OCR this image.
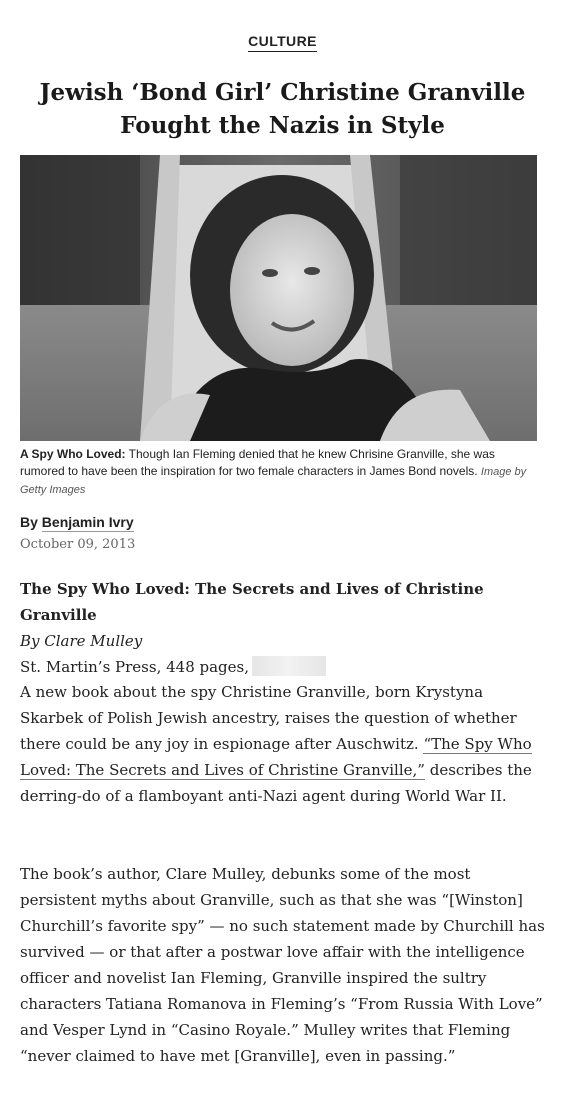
CULTURE
Jewish ‘Bond Girl’ Christine Granville Fought the Nazis in Style
A Spy Who Loved: Though Ian Fleming denied that he knew Chrisine Granville, she was rumored to have been the inspiration for two female characters in James Bond novels. Image by Getty Images
By Benjamin Ivry
October 09, 2013
The Spy Who Loved: The Secrets and Lives of Christine Granville
By Clare Mulley
St. Martin’s Press, 448 pages,

A new book about the spy Christine Granville, born Krystyna Skarbek of Polish Jewish ancestry, raises the question of whether there could be any joy in espionage after Auschwitz. “The Spy Who Loved: The Secrets and Lives of Christine Granville,” describes the derring-do of a flamboyant anti-Nazi agent during World War II.

The book’s author, Clare Mulley, debunks some of the most persistent myths about Granville, such as that she was “[Winston] Churchill’s favorite spy” — no such statement made by Churchill has survived — or that after a postwar love affair with the intelligence officer and novelist Ian Fleming, Granville inspired the sultry characters Tatiana Romanova in Fleming’s “From Russia With Love” and Vesper Lynd in “Casino Royale.” Mulley writes that Fleming “never claimed to have met [Granville], even in passing.”
